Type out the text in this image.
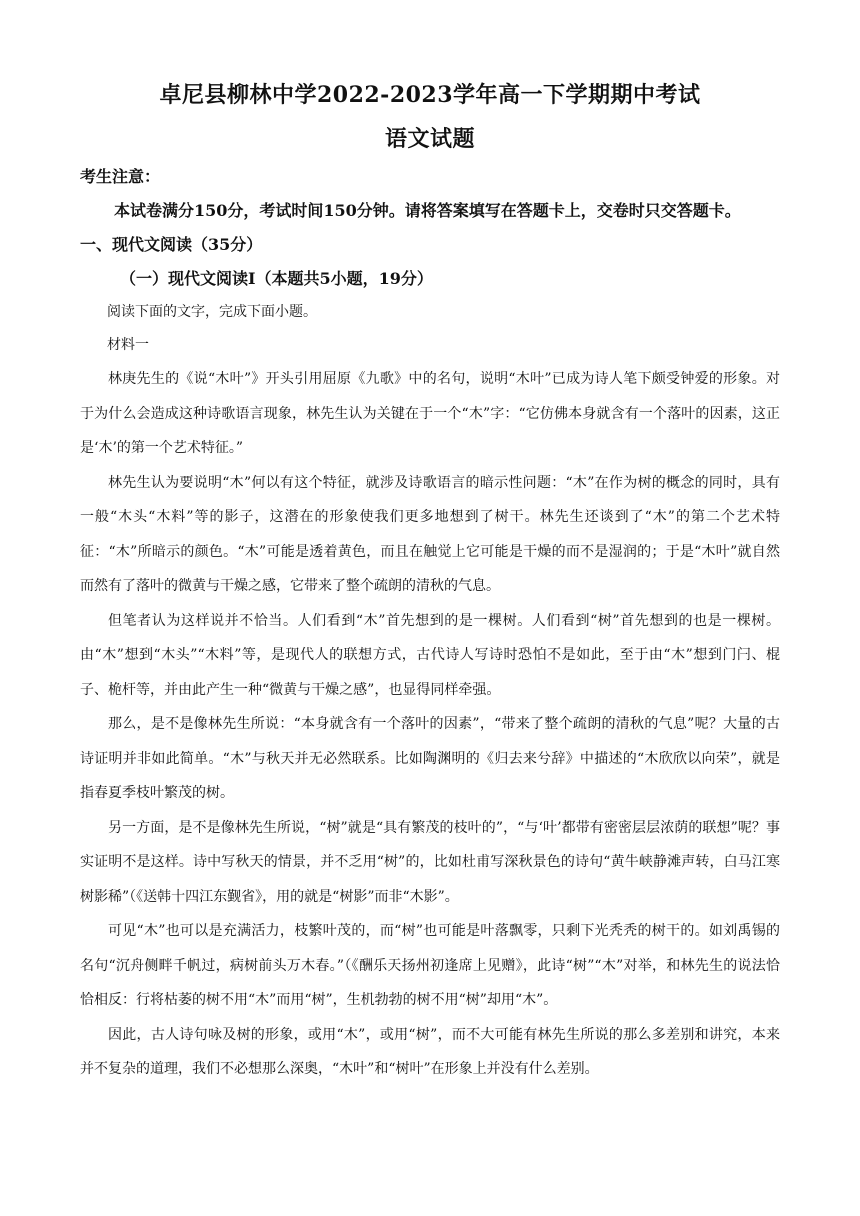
卓尼县柳林中学2022-2023学年高一下学期期中考试
语文试题
考生注意：
本试卷满分150分，考试时间150分钟。请将答案填写在答题卡上，交卷时只交答题卡。
一、现代文阅读（35分）
（一）现代文阅读Ⅰ（本题共5小题，19分）
阅读下面的文字，完成下面小题。
材料一

林庚先生的《说“木叶”》开头引用屈原《九歌》中的名句，说明“木叶”已成为诗人笔下颇受钟爱的形象。对于为什么会造成这种诗歌语言现象，林先生认为关键在于一个“木”字：“它仿佛本身就含有一个落叶的因素，这正是‘木’的第一个艺术特征。”

林先生认为要说明“木”何以有这个特征，就涉及诗歌语言的暗示性问题：“木”在作为树的概念的同时，具有一般“木头“木料”等的影子，这潜在的形象使我们更多地想到了树干。林先生还谈到了“木”的第二个艺术特征：“木”所暗示的颜色。“木”可能是透着黄色，而且在触觉上它可能是干燥的而不是湿润的；于是“木叶”就自然而然有了落叶的微黄与干燥之感，它带来了整个疏朗的清秋的气息。

但笔者认为这样说并不恰当。人们看到“木”首先想到的是一棵树。人们看到“树”首先想到的也是一棵树。由“木”想到“木头”“木料”等，是现代人的联想方式，古代诗人写诗时恐怕不是如此，至于由“木”想到门闩、棍子、桅杆等，并由此产生一种“微黄与干燥之感”，也显得同样牵强。

那么，是不是像林先生所说：“本身就含有一个落叶的因素”，“带来了整个疏朗的清秋的气息”呢？大量的古诗证明并非如此简单。“木”与秋天并无必然联系。比如陶渊明的《归去来兮辞》中描述的“木欣欣以向荣”，就是指春夏季枝叶繁茂的树。

另一方面，是不是像林先生所说，“树”就是“具有繁茂的枝叶的”，“与‘叶’都带有密密层层浓荫的联想”呢？事实证明不是这样。诗中写秋天的情景，并不乏用“树”的，比如杜甫写深秋景色的诗句“黄牛峡静滩声转，白马江寒树影稀”（《送韩十四江东觐省》，用的就是“树影”而非“木影”。

可见“木”也可以是充满活力，枝繁叶茂的，而“树”也可能是叶落飘零，只剩下光秃秃的树干的。如刘禹锡的名句“沉舟侧畔千帆过，病树前头万木春。”（《酬乐天扬州初逢席上见赠》，此诗“树”“木”对举，和林先生的说法恰恰相反：行将枯萎的树不用“木”而用“树”，生机勃勃的树不用“树”却用“木”。

因此，古人诗句咏及树的形象，或用“木”，或用“树”，而不大可能有林先生所说的那么多差别和讲究，本来并不复杂的道理，我们不必想那么深奥，“木叶”和“树叶”在形象上并没有什么差别。
